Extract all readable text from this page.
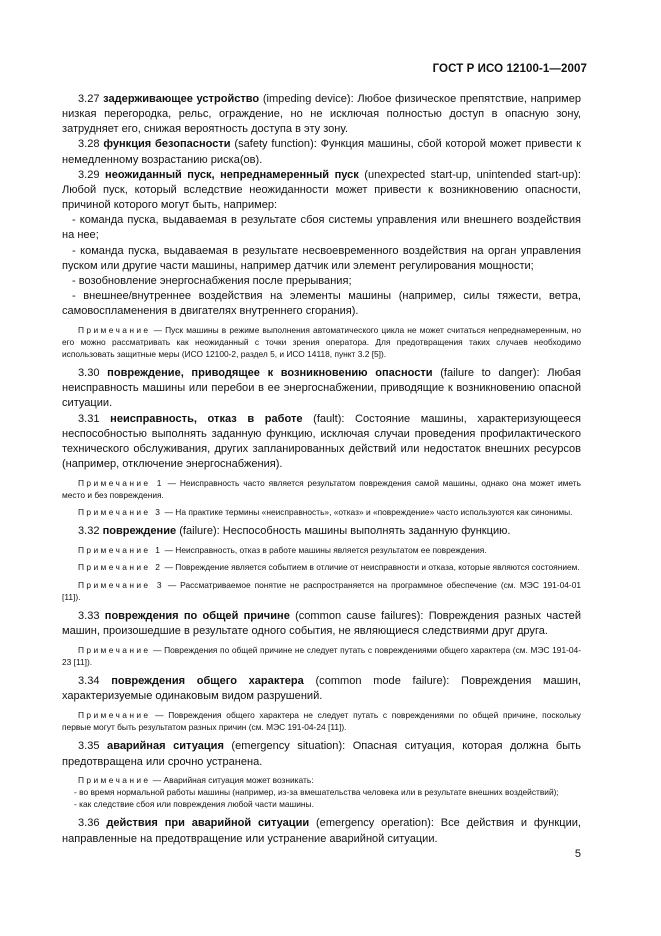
ГОСТ Р ИСО 12100-1—2007

3.27 задерживающее устройство (impeding device): Любое физическое препятствие, например низкая перегородка, рельс, ограждение, но не исключая полностью доступ в опасную зону, затрудняет его, снижая вероятность доступа в эту зону.

3.28 функция безопасности (safety function): Функция машины, сбой которой может привести к немедленному возрастанию риска(ов).

3.29 неожиданный пуск, непреднамеренный пуск (unexpected start-up, unintended start-up): Любой пуск, который вследствие неожиданности может привести к возникновению опасности, причиной которого могут быть, например:

- команда пуска, выдаваемая в результате сбоя системы управления или внешнего воздействия на нее;

- команда пуска, выдаваемая в результате несвоевременного воздействия на орган управления пуском или другие части машины, например датчик или элемент регулирования мощности;

- возобновление энергоснабжения после прерывания;

- внешнее/внутреннее воздействия на элементы машины (например, силы тяжести, ветра, самовоспламенения в двигателях внутреннего сгорания).

Примечание — Пуск машины в режиме выполнения автоматического цикла не может считаться непреднамеренным, но его можно рассматривать как неожиданный с точки зрения оператора. Для предотвращения таких случаев необходимо использовать защитные меры (ИСО 12100-2, раздел 5, и ИСО 14118, пункт 3.2 [5]).

3.30 повреждение, приводящее к возникновению опасности (failure to danger): Любая неисправность машины или перебои в ее энергоснабжении, приводящие к возникновению опасной ситуации.

3.31 неисправность, отказ в работе (fault): Состояние машины, характеризующееся неспособностью выполнять заданную функцию, исключая случаи проведения профилактического технического обслуживания, других запланированных действий или недостаток внешних ресурсов (например, отключение энергоснабжения).

Примечание 1 — Неисправность часто является результатом повреждения самой машины, однако она может иметь место и без повреждения.

Примечание 3 — На практике термины «неисправность», «отказ» и «повреждение» часто используются как синонимы.

3.32 повреждение (failure): Неспособность машины выполнять заданную функцию.

Примечание 1 — Неисправность, отказ в работе машины является результатом ее повреждения.

Примечание 2 — Повреждение является событием в отличие от неисправности и отказа, которые являются состоянием.

Примечание 3 — Рассматриваемое понятие не распространяется на программное обеспечение (см. МЭС 191-04-01 [11]).

3.33 повреждения по общей причине (common cause failures): Повреждения разных частей машин, произошедшие в результате одного события, не являющиеся следствиями друг друга.

Примечание — Повреждения по общей причине не следует путать с повреждениями общего характера (см. МЭС 191-04-23 [11]).

3.34 повреждения общего характера (common mode failure): Повреждения машин, характеризуемые одинаковым видом разрушений.

Примечание — Повреждения общего характера не следует путать с повреждениями по общей причине, поскольку первые могут быть результатом разных причин (см. МЭС 191-04-24 [11]).

3.35 аварийная ситуация (emergency situation): Опасная ситуация, которая должна быть предотвращена или срочно устранена.

Примечание — Аварийная ситуация может возникать:

- во время нормальной работы машины (например, из-за вмешательства человека или в результате внешних воздействий);

- как следствие сбоя или повреждения любой части машины.

3.36 действия при аварийной ситуации (emergency operation): Все действия и функции, направленные на предотвращение или устранение аварийной ситуации.

5
